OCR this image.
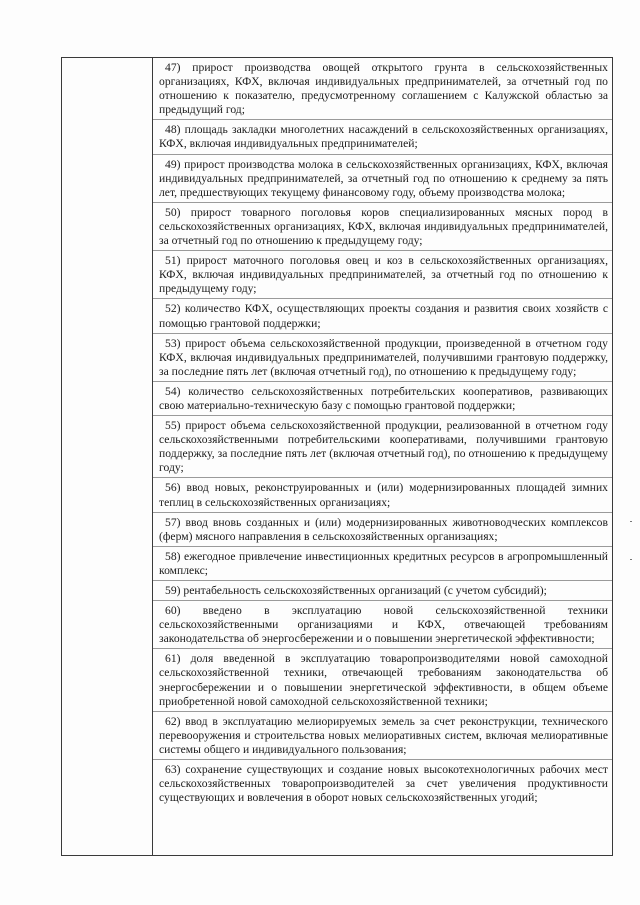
47) прирост производства овощей открытого грунта в сельскохозяйственных организациях, КФХ, включая индивидуальных предпринимателей, за отчетный год по отношению к показателю, предусмотренному соглашением с Калужской областью за предыдущий год;

48) площадь закладки многолетних насаждений в сельскохозяйственных организациях, КФХ, включая индивидуальных предпринимателей;

49) прирост производства молока в сельскохозяйственных организациях, КФХ, включая индивидуальных предпринимателей, за отчетный год по отношению к среднему за пять лет, предшествующих текущему финансовому году, объему производства молока;

50) прирост товарного поголовья коров специализированных мясных пород в сельскохозяйственных организациях, КФХ, включая индивидуальных предпринимателей, за отчетный год по отношению к предыдущему году;

51) прирост маточного поголовья овец и коз в сельскохозяйственных организациях, КФХ, включая индивидуальных предпринимателей, за отчетный год по отношению к предыдущему году;

52) количество КФХ, осуществляющих проекты создания и развития своих хозяйств с помощью грантовой поддержки;

53) прирост объема сельскохозяйственной продукции, произведенной в отчетном году КФХ, включая индивидуальных предпринимателей, получившими грантовую поддержку, за последние пять лет (включая отчетный год), по отношению к предыдущему году;

54) количество сельскохозяйственных потребительских кооперативов, развивающих свою материально-техническую базу с помощью грантовой поддержки;

55) прирост объема сельскохозяйственной продукции, реализованной в отчетном году сельскохозяйственными потребительскими кооперативами, получившими грантовую поддержку, за последние пять лет (включая отчетный год), по отношению к предыдущему году;

56) ввод новых, реконструированных и (или) модернизированных площадей зимних теплиц в сельскохозяйственных организациях;

57) ввод вновь созданных и (или) модернизированных животноводческих комплексов (ферм) мясного направления в сельскохозяйственных организациях;

58) ежегодное привлечение инвестиционных кредитных ресурсов в агропромышленный комплекс;

59) рентабельность сельскохозяйственных организаций (с учетом субсидий);

60) введено в эксплуатацию новой сельскохозяйственной техники сельскохозяйственными организациями и КФХ, отвечающей требованиям законодательства об энергосбережении и о повышении энергетической эффективности;

61) доля введенной в эксплуатацию товаропроизводителями новой самоходной сельскохозяйственной техники, отвечающей требованиям законодательства об энергосбережении и о повышении энергетической эффективности, в общем объеме приобретенной новой самоходной сельскохозяйственной техники;

62) ввод в эксплуатацию мелиорируемых земель за счет реконструкции, технического перевооружения и строительства новых мелиоративных систем, включая мелиоративные системы общего и индивидуального пользования;

63) сохранение существующих и создание новых высокотехнологичных рабочих мест сельскохозяйственных товаропроизводителей за счет увеличения продуктивности существующих и вовлечения в оборот новых сельскохозяйственных угодий;
